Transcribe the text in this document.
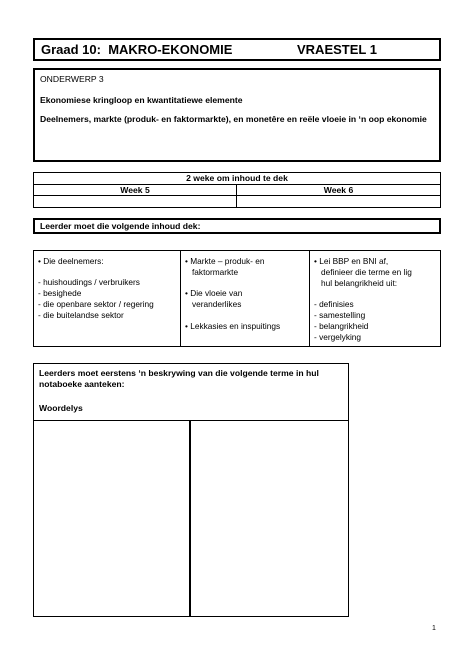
Graad 10:  MAKRO-EKONOMIE	VRAESTEL 1
ONDERWERP 3
Ekonomiese kringloop en kwantitatiewe elemente
Deelnemers, markte (produk- en faktormarkte), en monetêre en reële vloeie in ‘n oop ekonomie
2 weke om inhoud te dek
Week 5	Week 6
Leerder moet die volgende inhoud dek:
• Die deelnemers:
- huishoudings / verbruikers
- besighede
- die openbare sektor / regering
- die buitelandse sektor
• Markte – produk- en
faktormarkte
• Die vloeie van
veranderlikes
• Lekkasies en inspuitings
• Lei BBP en BNI af,
definieer die terme en lig
hul belangrikheid uit:
- definisies
- samestelling
- belangrikheid
- vergelyking
Leerders moet eerstens ‘n beskrywing van die volgende terme in hul notaboeke aanteken:
Woordelys
1
